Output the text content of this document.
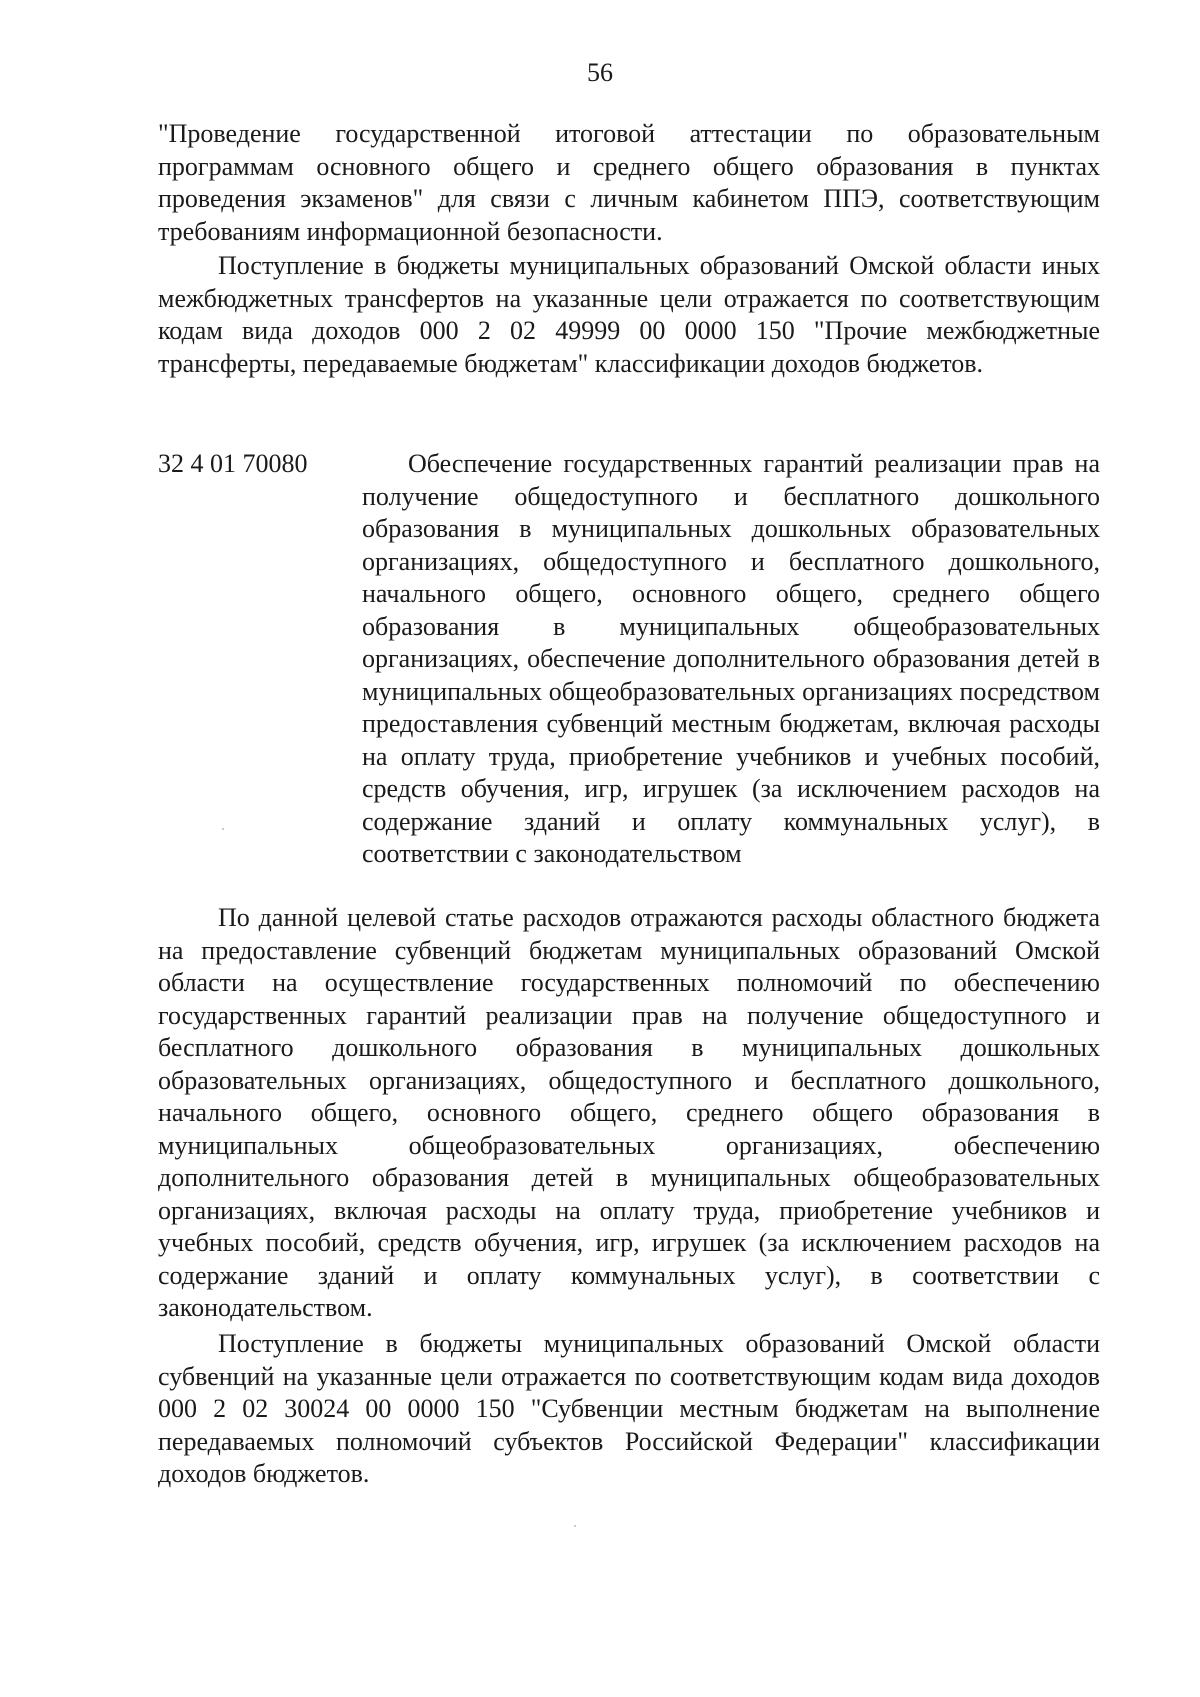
56

"Проведение государственной итоговой аттестации по образовательным программам основного общего и среднего общего образования в пунктах проведения экзаменов" для связи с личным кабинетом ППЭ, соответствующим требованиям информационной безопасности.

Поступление в бюджеты муниципальных образований Омской области иных межбюджетных трансфертов на указанные цели отражается по соответствующим кодам вида доходов 000 2 02 49999 00 0000 150 "Прочие межбюджетные трансферты, передаваемые бюджетам" классификации доходов бюджетов.

32 4 01 70080	Обеспечение государственных гарантий реализации прав на получение общедоступного и бесплатного дошкольного образования в муниципальных дошкольных образовательных организациях, общедоступного и бесплатного дошкольного, начального общего, основного общего, среднего общего образования в муниципальных общеобразовательных организациях, обеспечение дополнительного образования детей в муниципальных общеобразовательных организациях посредством предоставления субвенций местным бюджетам, включая расходы на оплату труда, приобретение учебников и учебных пособий, средств обучения, игр, игрушек (за исключением расходов на содержание зданий и оплату коммунальных услуг), в соответствии с законодательством

По данной целевой статье расходов отражаются расходы областного бюджета на предоставление субвенций бюджетам муниципальных образований Омской области на осуществление государственных полномочий по обеспечению государственных гарантий реализации прав на получение общедоступного и бесплатного дошкольного образования в муниципальных дошкольных образовательных организациях, общедоступного и бесплатного дошкольного, начального общего, основного общего, среднего общего образования в муниципальных общеобразовательных организациях, обеспечению дополнительного образования детей в муниципальных общеобразовательных организациях, включая расходы на оплату труда, приобретение учебников и учебных пособий, средств обучения, игр, игрушек (за исключением расходов на содержание зданий и оплату коммунальных услуг), в соответствии с законодательством.

Поступление в бюджеты муниципальных образований Омской области субвенций на указанные цели отражается по соответствующим кодам вида доходов 000 2 02 30024 00 0000 150 "Субвенции местным бюджетам на выполнение передаваемых полномочий субъектов Российской Федерации" классификации доходов бюджетов.
